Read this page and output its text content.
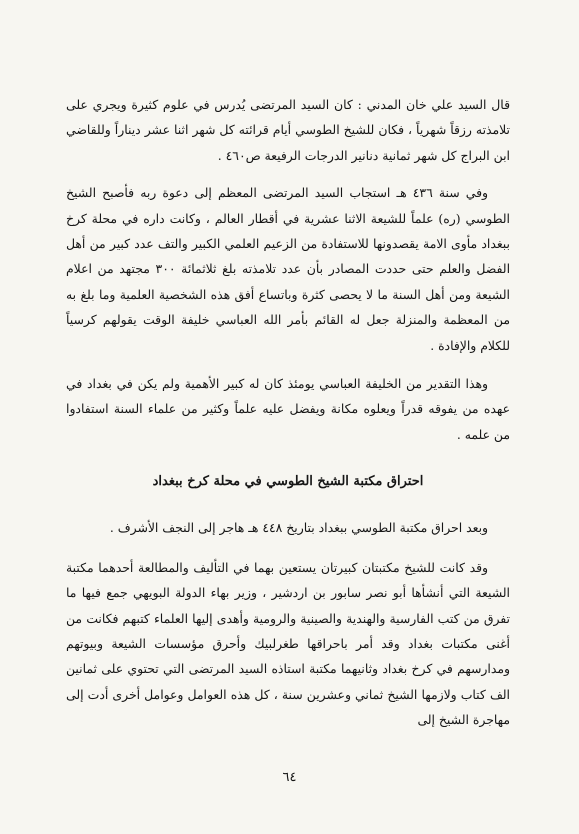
قال السيد علي خان المدني : كان السيد المرتضى يُدرس في علوم كثيرة ويجري على تلامذته رزقاً شهرياً ، فكان للشيخ الطوسي أيام قرائته كل شهر اثنا عشر ديناراً وللقاضي ابن البراج كل شهر ثمانية دنانير الدرجات الرفيعة ص٤٦٠ .

وفي سنة ٤٣٦ هـ استجاب السيد المرتضى المعظم إلى دعوة ربه فأصبح الشيخ الطوسي (ره) علماً للشيعة الاثنا عشرية في أقطار العالم ، وكانت داره في محلة كرخ ببغداد مأوى الامة يقصدونها للاستفادة من الزعيم العلمي الكبير والتف عدد كبير من أهل الفضل والعلم حتى حددت المصادر بأن عدد تلامذته بلغ ثلاثمائة ٣٠٠ مجتهد من اعلام الشيعة ومن أهل السنة ما لا يحصى كثرة وباتساع أفق هذه الشخصية العلمية وما بلغ به من المعظمة والمنزلة جعل له القائم بأمر الله العباسي خليفة الوقت يقولهم كرسياً للكلام والإفادة .

وهذا التقدير من الخليفة العباسي يومئذ كان له كبير الأهمية ولم يكن في بغداد في عهده من يفوقه قدراً ويعلوه مكانة ويفضل عليه علماً وكثير من علماء السنة استفادوا من علمه .

احتراق مكتبة الشيخ الطوسي في محلة كرخ ببغداد

وبعد احراق مكتبة الطوسي ببغداد بتاريخ ٤٤٨ هـ هاجر إلى النجف الأشرف .

وقد كانت للشيخ مكتبتان كبيرتان يستعين بهما في التأليف والمطالعة أحدهما مكتبة الشيعة التي أنشأها أبو نصر سابور بن اردشير ، وزير بهاء الدولة البويهي جمع فيها ما تفرق من كتب الفارسية والهندية والصينية والرومية وأهدى إليها العلماء كتبهم فكانت من أغنى مكتبات بغداد وقد أمر باحراقها طغرلبيك وأحرق مؤسسات الشيعة وبيوتهم ومدارسهم في كرخ بغداد وثانيهما مكتبة استاذه السيد المرتضى التي تحتوي على ثمانين الف كتاب ولازمها الشيخ ثماني وعشرين سنة ، كل هذه العوامل وعوامل أخرى أدت إلى مهاجرة الشيخ إلى

٦٤
